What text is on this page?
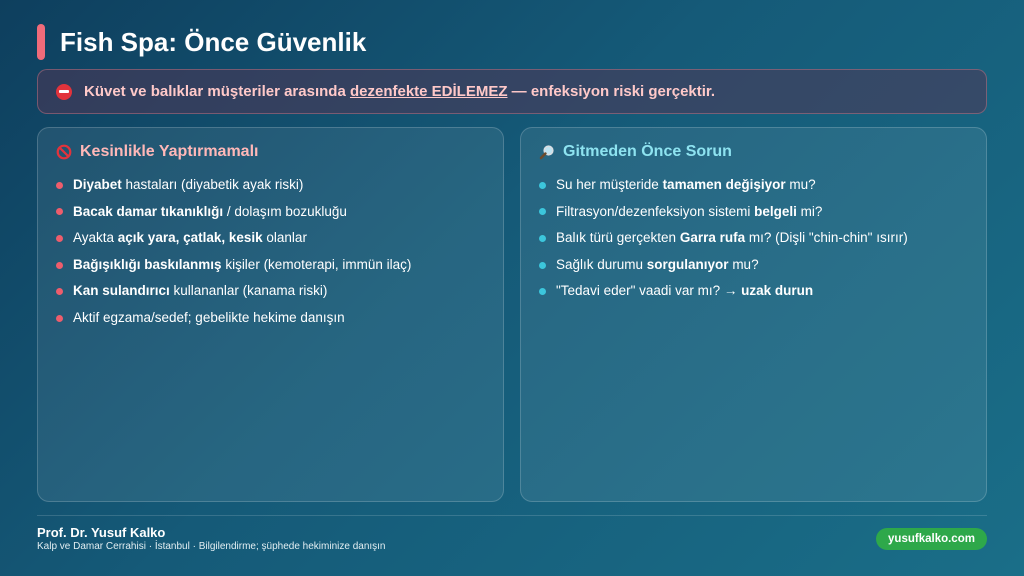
Fish Spa: Önce Güvenlik
Küvet ve balıklar müşteriler arasında dezenfekte EDİLEMEZ — enfeksiyon riski gerçektir.
Kesinlikle Yaptırmamalı
Diyabet hastaları (diyabetik ayak riski)
Bacak damar tıkanıklığı / dolaşım bozukluğu
Ayakta açık yara, çatlak, kesik olanlar
Bağışıklığı baskılanmış kişiler (kemoterapi, immün ilaç)
Kan sulandırıcı kullananlar (kanama riski)
Aktif egzama/sedef; gebelikte hekime danışın
Gitmeden Önce Sorun
Su her müşteride tamamen değişiyor mu?
Filtrasyon/dezenfeksiyon sistemi belgeli mi?
Balık türü gerçekten Garra rufa mı? (Dişli "chin-chin" ısırır)
Sağlık durumu sorgulanıyor mu?
"Tedavi eder" vaadi var mı? → uzak durun
Prof. Dr. Yusuf Kalko
Kalp ve Damar Cerrahisi · İstanbul · Bilgilendirme; şüphede hekiminize danışın
yusufkalko.com
